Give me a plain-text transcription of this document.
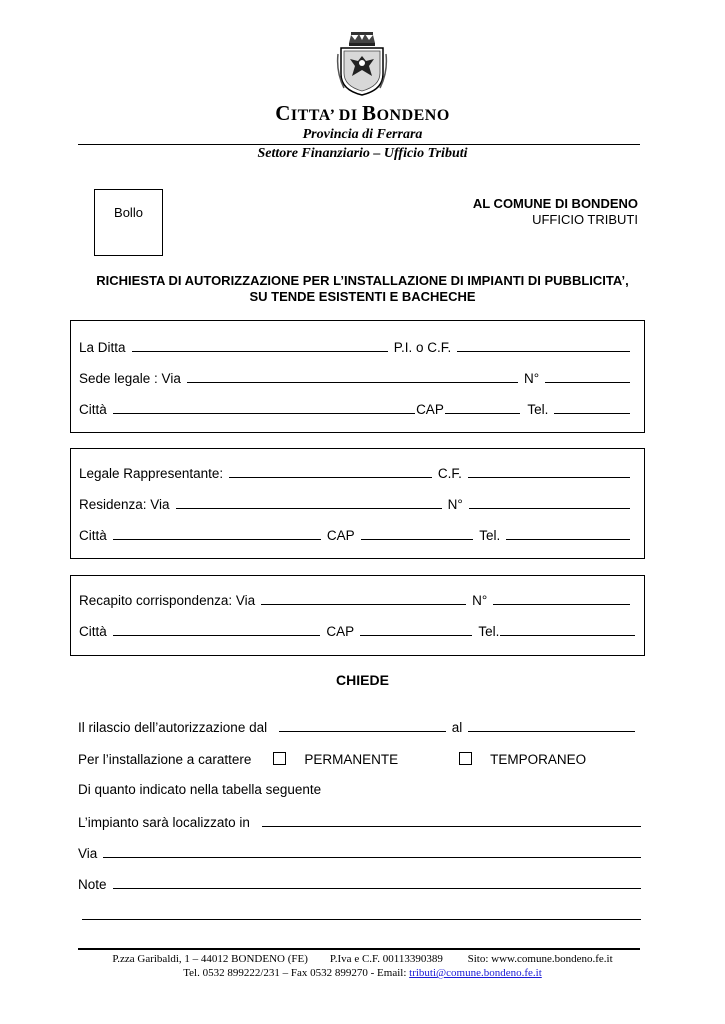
CITTA’ DI BONDENO
Provincia di Ferrara
Settore Finanziario – Ufficio Tributi
Bollo
AL COMUNE DI BONDENO
UFFICIO TRIBUTI
RICHIESTA DI AUTORIZZAZIONE PER L’INSTALLAZIONE DI IMPIANTI DI PUBBLICITA’,
SU TENDE ESISTENTI E BACHECHE
La Ditta	P.I. o C.F.
Sede legale : Via	N°
Città	CAP	Tel.
Legale Rappresentante:	C.F.
Residenza: Via	N°
Città	CAP	Tel.
Recapito corrispondenza: Via	N°
Città	CAP	Tel.
CHIEDE
Il rilascio dell’autorizzazione dal	al
Per l’installazione a carattere	PERMANENTE	TEMPORANEO
Di quanto indicato nella tabella seguente
L’impianto sarà localizzato in
Via
Note
P.zza Garibaldi, 1 – 44012 BONDENO (FE) P.Iva e C.F. 00113390389 Sito: www.comune.bondeno.fe.it
Tel. 0532 899222/231 – Fax 0532 899270 - Email: tributi@comune.bondeno.fe.it
